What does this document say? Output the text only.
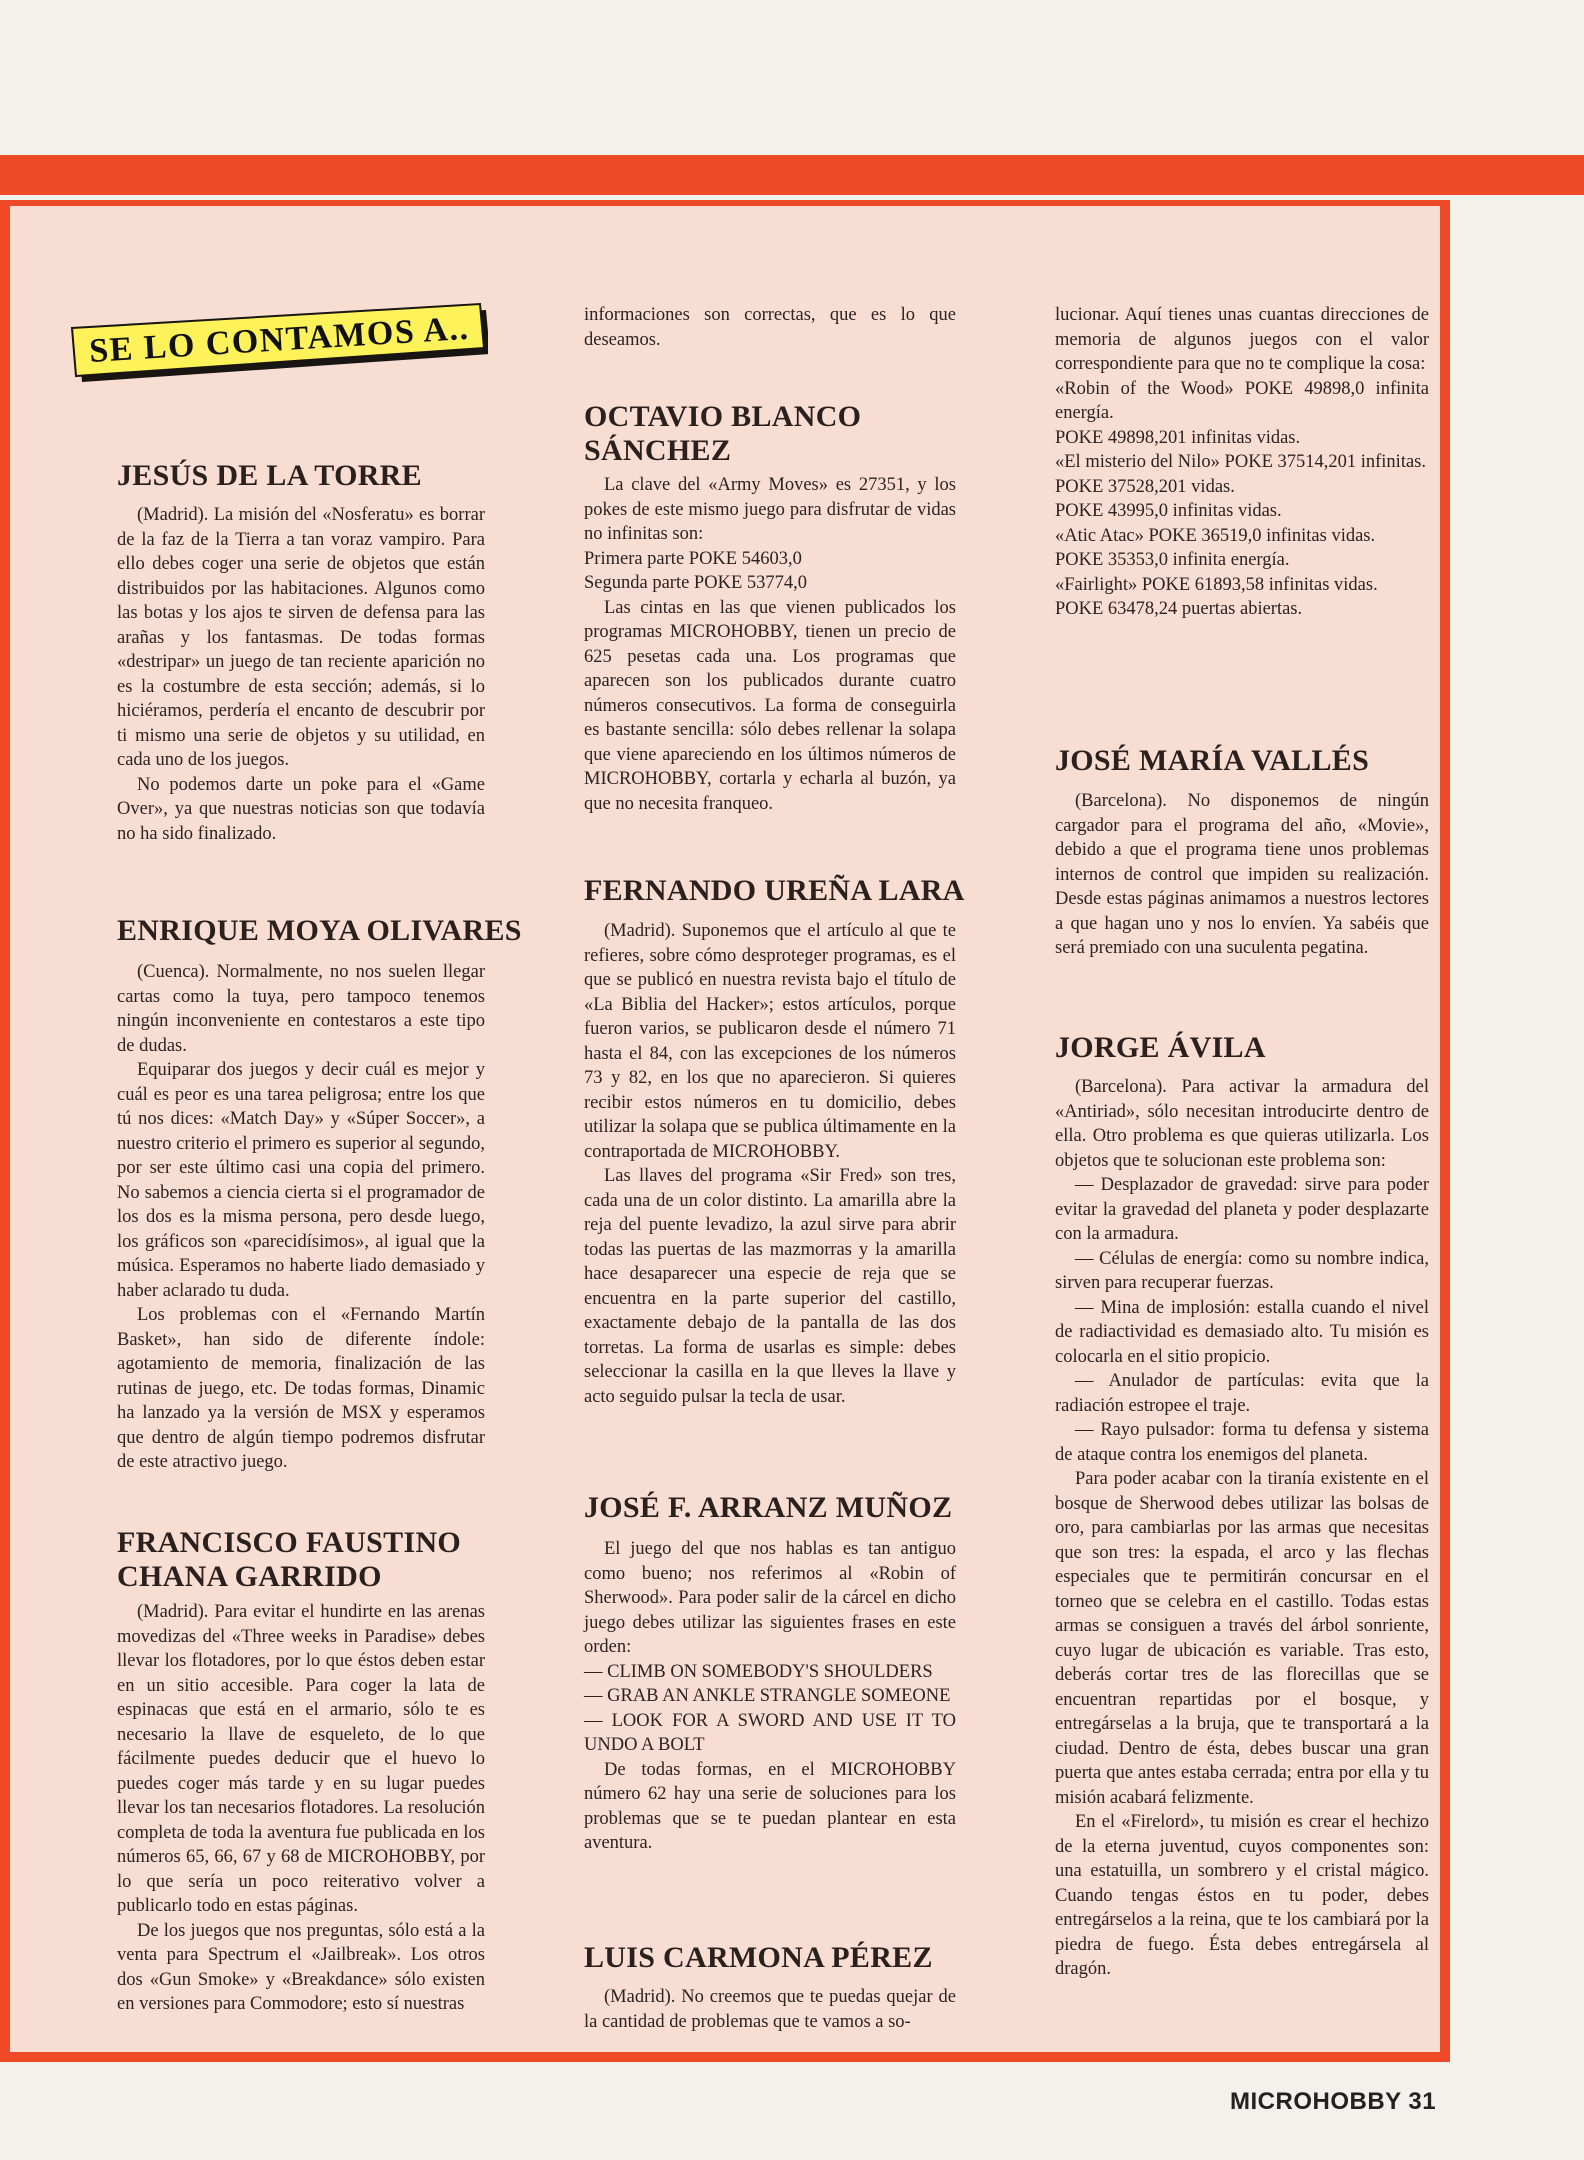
JESÚS DE LA TORRE

(Madrid). La misión del «Nosferatu» es borrar de la faz de la Tierra a tan voraz vampiro. Para ello debes coger una serie de objetos que están distribuidos por las habitaciones. Algunos como las botas y los ajos te sirven de defensa para las arañas y los fantasmas. De todas formas «destripar» un juego de tan reciente aparición no es la costumbre de esta sección; además, si lo hiciéramos, perdería el encanto de descubrir por ti mismo una serie de objetos y su utilidad, en cada uno de los juegos.

No podemos darte un poke para el «Game Over», ya que nuestras noticias son que todavía no ha sido finalizado.

ENRIQUE MOYA OLIVARES

(Cuenca). Normalmente, no nos suelen llegar cartas como la tuya, pero tampoco tenemos ningún inconveniente en contestaros a este tipo de dudas.

Equiparar dos juegos y decir cuál es mejor y cuál es peor es una tarea peligrosa; entre los que tú nos dices: «Match Day» y «Súper Soccer», a nuestro criterio el primero es superior al segundo, por ser este último casi una copia del primero. No sabemos a ciencia cierta si el programador de los dos es la misma persona, pero desde luego, los gráficos son «parecidísimos», al igual que la música. Esperamos no haberte liado demasiado y haber aclarado tu duda.

Los problemas con el «Fernando Martín Basket», han sido de diferente índole: agotamiento de memoria, finalización de las rutinas de juego, etc. De todas formas, Dinamic ha lanzado ya la versión de MSX y esperamos que dentro de algún tiempo podremos disfrutar de este atractivo juego.

FRANCISCO FAUSTINO
CHANA GARRIDO

(Madrid). Para evitar el hundirte en las arenas movedizas del «Three weeks in Paradise» debes llevar los flotadores, por lo que éstos deben estar en un sitio accesible. Para coger la lata de espinacas que está en el armario, sólo te es necesario la llave de esqueleto, de lo que fácilmente puedes deducir que el huevo lo puedes coger más tarde y en su lugar puedes llevar los tan necesarios flotadores. La resolución completa de toda la aventura fue publicada en los números 65, 66, 67 y 68 de MICROHOBBY, por lo que sería un poco reiterativo volver a publicarlo todo en estas páginas.

De los juegos que nos preguntas, sólo está a la venta para Spectrum el «Jailbreak». Los otros dos «Gun Smoke» y «Breakdance» sólo existen en versiones para Commodore; esto sí nuestras

informaciones son correctas, que es lo que deseamos.

OCTAVIO BLANCO
SÁNCHEZ

La clave del «Army Moves» es 27351, y los pokes de este mismo juego para disfrutar de vidas no infinitas son:

Primera parte POKE 54603,0

Segunda parte POKE 53774,0

Las cintas en las que vienen publicados los programas MICROHOBBY, tienen un precio de 625 pesetas cada una. Los programas que aparecen son los publicados durante cuatro números consecutivos. La forma de conseguirla es bastante sencilla: sólo debes rellenar la solapa que viene apareciendo en los últimos números de MICROHOBBY, cortarla y echarla al buzón, ya que no necesita franqueo.

FERNANDO UREÑA LARA

(Madrid). Suponemos que el artículo al que te refieres, sobre cómo desproteger programas, es el que se publicó en nuestra revista bajo el título de «La Biblia del Hacker»; estos artículos, porque fueron varios, se publicaron desde el número 71 hasta el 84, con las excepciones de los números 73 y 82, en los que no aparecieron. Si quieres recibir estos números en tu domicilio, debes utilizar la solapa que se publica últimamente en la contraportada de MICROHOBBY.

Las llaves del programa «Sir Fred» son tres, cada una de un color distinto. La amarilla abre la reja del puente levadizo, la azul sirve para abrir todas las puertas de las mazmorras y la amarilla hace desaparecer una especie de reja que se encuentra en la parte superior del castillo, exactamente debajo de la pantalla de las dos torretas. La forma de usarlas es simple: debes seleccionar la casilla en la que lleves la llave y acto seguido pulsar la tecla de usar.

JOSÉ F. ARRANZ MUÑOZ

El juego del que nos hablas es tan antiguo como bueno; nos referimos al «Robin of Sherwood». Para poder salir de la cárcel en dicho juego debes utilizar las siguientes frases en este orden:

— CLIMB ON SOMEBODY'S SHOULDERS

— GRAB AN ANKLE STRANGLE SOMEONE

— LOOK FOR A SWORD AND USE IT TO UNDO A BOLT

De todas formas, en el MICROHOBBY número 62 hay una serie de soluciones para los problemas que se te puedan plantear en esta aventura.

LUIS CARMONA PÉREZ

(Madrid). No creemos que te puedas quejar de la cantidad de problemas que te vamos a so-

lucionar. Aquí tienes unas cuantas direcciones de memoria de algunos juegos con el valor correspondiente para que no te complique la cosa:

«Robin of the Wood» POKE 49898,0 infinita energía.

POKE 49898,201 infinitas vidas.

«El misterio del Nilo» POKE 37514,201 infinitas.

POKE 37528,201 vidas.

POKE 43995,0 infinitas vidas.

«Atic Atac» POKE 36519,0 infinitas vidas.

POKE 35353,0 infinita energía.

«Fairlight» POKE 61893,58 infinitas vidas.

POKE 63478,24 puertas abiertas.

JOSÉ MARÍA VALLÉS

(Barcelona). No disponemos de ningún cargador para el programa del año, «Movie», debido a que el programa tiene unos problemas internos de control que impiden su realización. Desde estas páginas animamos a nuestros lectores a que hagan uno y nos lo envíen. Ya sabéis que será premiado con una suculenta pegatina.

JORGE ÁVILA

(Barcelona). Para activar la armadura del «Antiriad», sólo necesitan introducirte dentro de ella. Otro problema es que quieras utilizarla. Los objetos que te solucionan este problema son:

— Desplazador de gravedad: sirve para poder evitar la gravedad del planeta y poder desplazarte con la armadura.

— Células de energía: como su nombre indica, sirven para recuperar fuerzas.

— Mina de implosión: estalla cuando el nivel de radiactividad es demasiado alto. Tu misión es colocarla en el sitio propicio.

— Anulador de partículas: evita que la radiación estropee el traje.

— Rayo pulsador: forma tu defensa y sistema de ataque contra los enemigos del planeta.

Para poder acabar con la tiranía existente en el bosque de Sherwood debes utilizar las bolsas de oro, para cambiarlas por las armas que necesitas que son tres: la espada, el arco y las flechas especiales que te permitirán concursar en el torneo que se celebra en el castillo. Todas estas armas se consiguen a través del árbol sonriente, cuyo lugar de ubicación es variable. Tras esto, deberás cortar tres de las florecillas que se encuentran repartidas por el bosque, y entregárselas a la bruja, que te transportará a la ciudad. Dentro de ésta, debes buscar una gran puerta que antes estaba cerrada; entra por ella y tu misión acabará felizmente.

En el «Firelord», tu misión es crear el hechizo de la eterna juventud, cuyos componentes son: una estatuilla, un sombrero y el cristal mágico. Cuando tengas éstos en tu poder, debes entregárselos a la reina, que te los cambiará por la piedra de fuego. Ésta debes entregársela al dragón.

SE LO CONTAMOS A..
MICROHOBBY 31
